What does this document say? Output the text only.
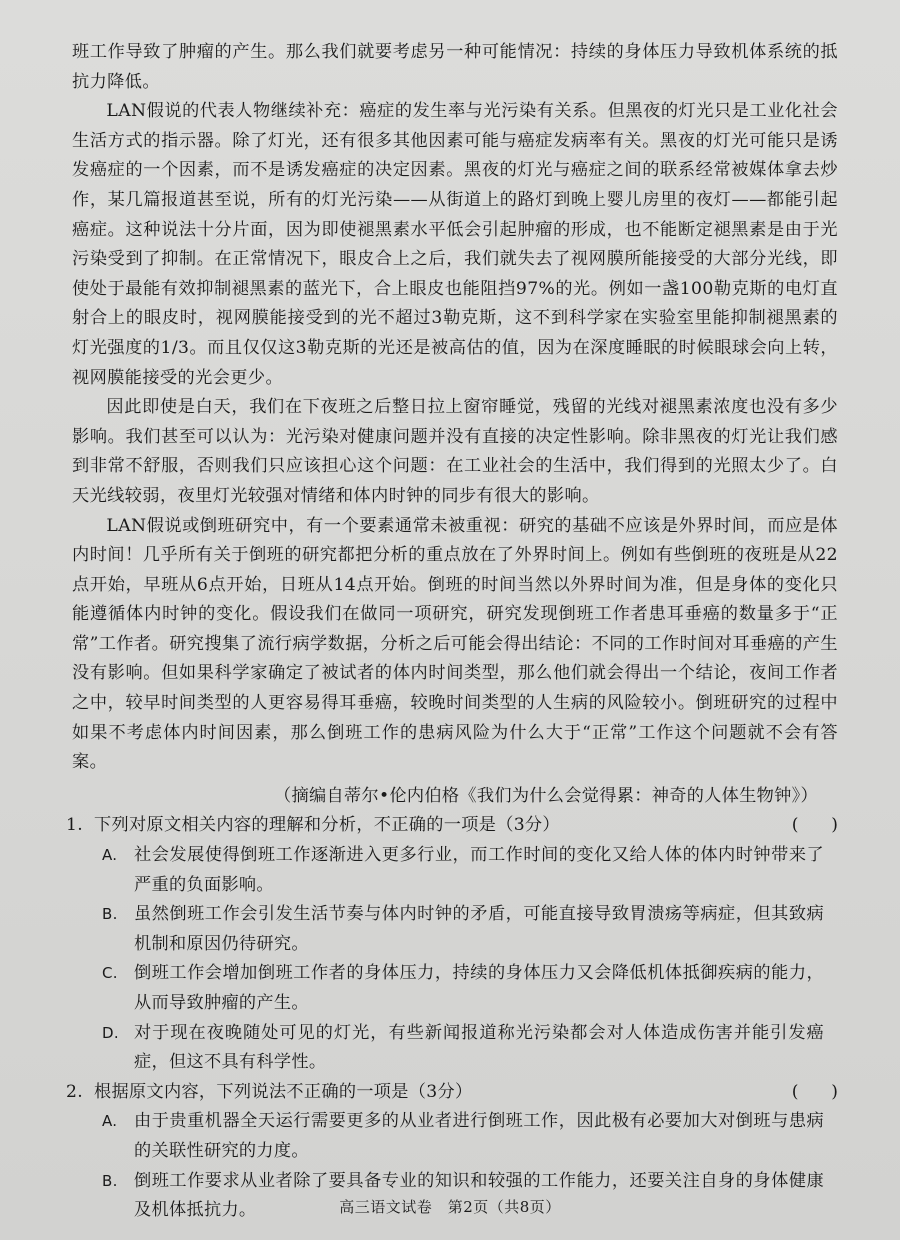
班工作导致了肿瘤的产生。那么我们就要考虑另一种可能情况：持续的身体压力导致机体系统的抵抗力降低。

LAN假说的代表人物继续补充：癌症的发生率与光污染有关系。但黑夜的灯光只是工业化社会生活方式的指示器。除了灯光，还有很多其他因素可能与癌症发病率有关。黑夜的灯光可能只是诱发癌症的一个因素，而不是诱发癌症的决定因素。黑夜的灯光与癌症之间的联系经常被媒体拿去炒作，某几篇报道甚至说，所有的灯光污染——从街道上的路灯到晚上婴儿房里的夜灯——都能引起癌症。这种说法十分片面，因为即使褪黑素水平低会引起肿瘤的形成，也不能断定褪黑素是由于光污染受到了抑制。在正常情况下，眼皮合上之后，我们就失去了视网膜所能接受的大部分光线，即使处于最能有效抑制褪黑素的蓝光下，合上眼皮也能阻挡97%的光。例如一盏100勒克斯的电灯直射合上的眼皮时，视网膜能接受到的光不超过3勒克斯，这不到科学家在实验室里能抑制褪黑素的灯光强度的1/3。而且仅仅这3勒克斯的光还是被高估的值，因为在深度睡眠的时候眼球会向上转，视网膜能接受的光会更少。

因此即使是白天，我们在下夜班之后整日拉上窗帘睡觉，残留的光线对褪黑素浓度也没有多少影响。我们甚至可以认为：光污染对健康问题并没有直接的决定性影响。除非黑夜的灯光让我们感到非常不舒服，否则我们只应该担心这个问题：在工业社会的生活中，我们得到的光照太少了。白天光线较弱，夜里灯光较强对情绪和体内时钟的同步有很大的影响。

LAN假说或倒班研究中，有一个要素通常未被重视：研究的基础不应该是外界时间，而应是体内时间！几乎所有关于倒班的研究都把分析的重点放在了外界时间上。例如有些倒班的夜班是从22点开始，早班从6点开始，日班从14点开始。倒班的时间当然以外界时间为准，但是身体的变化只能遵循体内时钟的变化。假设我们在做同一项研究，研究发现倒班工作者患耳垂癌的数量多于“正常”工作者。研究搜集了流行病学数据，分析之后可能会得出结论：不同的工作时间对耳垂癌的产生没有影响。但如果科学家确定了被试者的体内时间类型，那么他们就会得出一个结论，夜间工作者之中，较早时间类型的人更容易得耳垂癌，较晚时间类型的人生病的风险较小。倒班研究的过程中如果不考虑体内时间因素，那么倒班工作的患病风险为什么大于“正常”工作这个问题就不会有答案。

（摘编自蒂尔•伦内伯格《我们为什么会觉得累：神奇的人体生物钟》）

1. 下列对原文相关内容的理解和分析，不正确的一项是（3分）	(      )
A. 社会发展使得倒班工作逐渐进入更多行业，而工作时间的变化又给人体的体内时钟带来了严重的负面影响。
B. 虽然倒班工作会引发生活节奏与体内时钟的矛盾，可能直接导致胃溃疡等病症，但其致病机制和原因仍待研究。
C. 倒班工作会增加倒班工作者的身体压力，持续的身体压力又会降低机体抵御疾病的能力，从而导致肿瘤的产生。
D. 对于现在夜晚随处可见的灯光，有些新闻报道称光污染都会对人体造成伤害并能引发癌症，但这不具有科学性。
2. 根据原文内容，下列说法不正确的一项是（3分）	(      )
A. 由于贵重机器全天运行需要更多的从业者进行倒班工作，因此极有必要加大对倒班与患病的关联性研究的力度。
B. 倒班工作要求从业者除了要具备专业的知识和较强的工作能力，还要关注自身的身体健康及机体抵抗力。	高三语文试卷　第2页（共8页）
